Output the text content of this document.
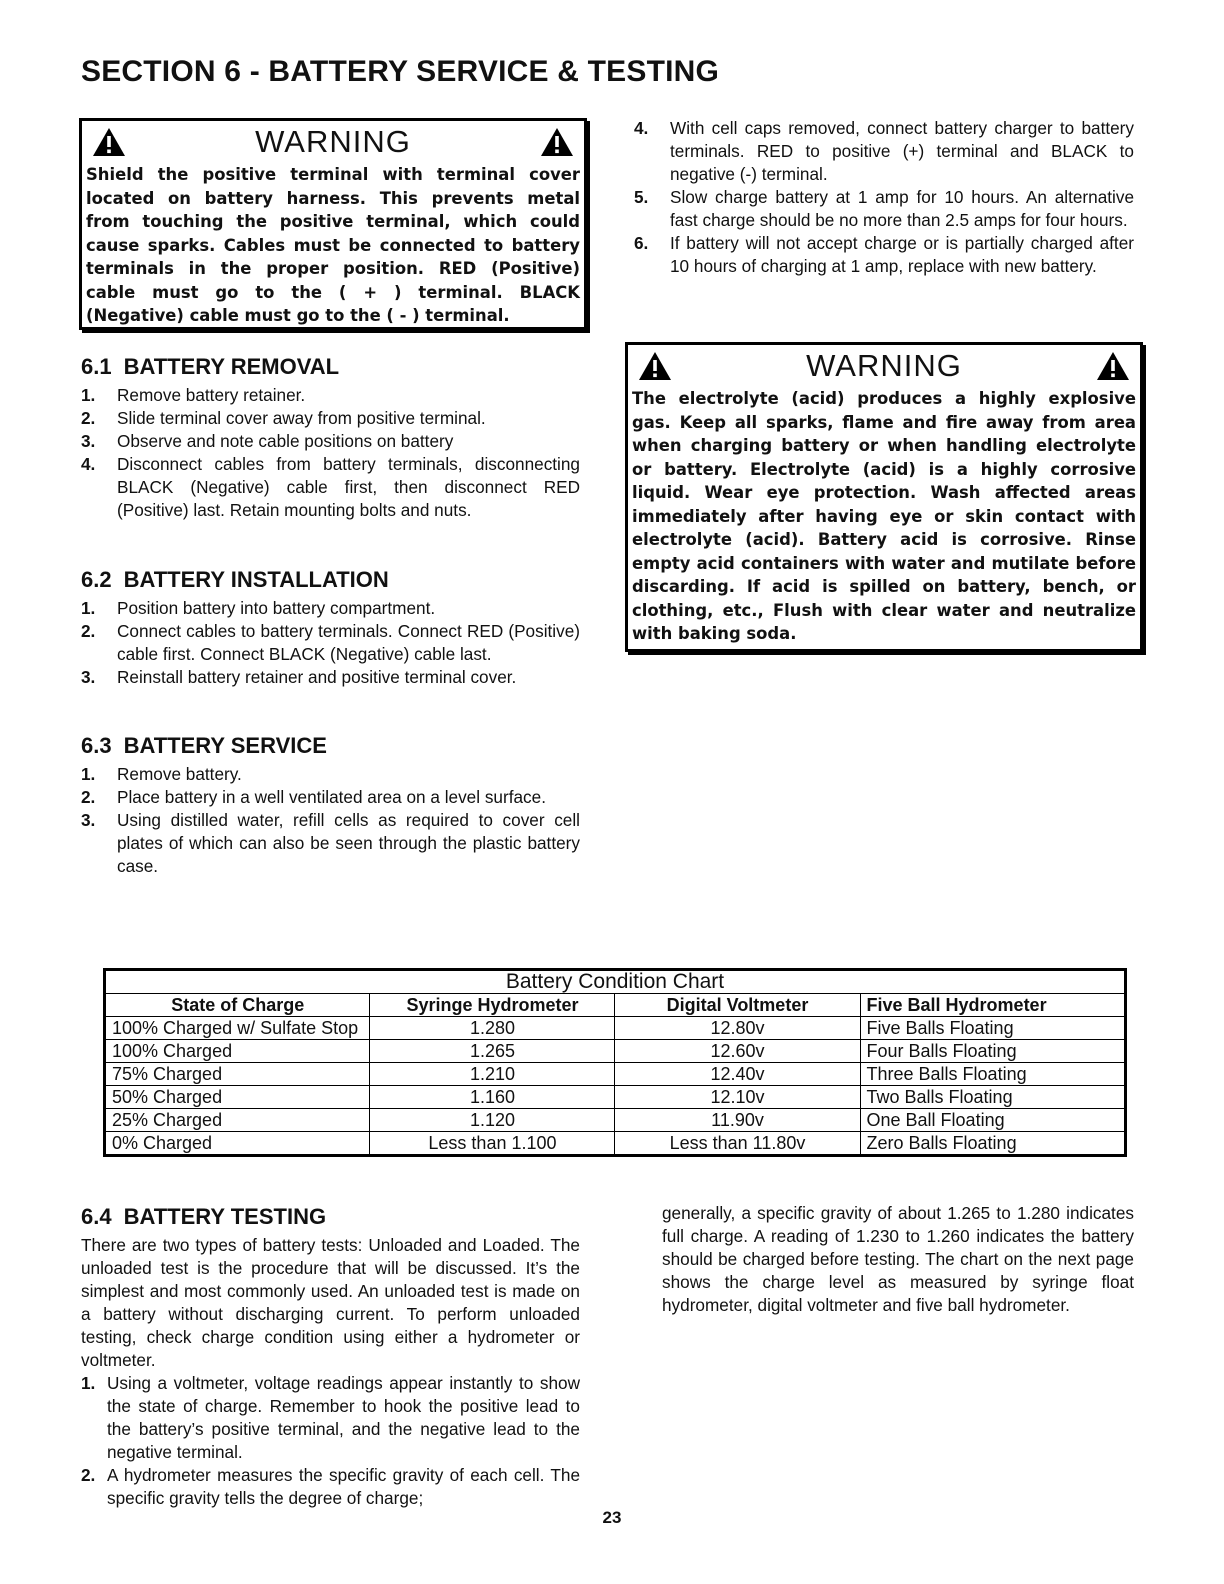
SECTION 6 - BATTERY SERVICE & TESTING
WARNING
Shield the positive terminal with terminal cover located on battery harness. This prevents metal from touching the positive terminal, which could cause sparks. Cables must be connected to battery terminals in the proper position. RED (Positive) cable must go to the ( + ) terminal. BLACK (Negative) cable must go to the ( - ) terminal.
6.1 BATTERY REMOVAL
1. Remove battery retainer.
2. Slide terminal cover away from positive terminal.
3. Observe and note cable positions on battery
4. Disconnect cables from battery terminals, disconnecting BLACK (Negative) cable first, then disconnect RED (Positive) last. Retain mounting bolts and nuts.
6.2 BATTERY INSTALLATION
1. Position battery into battery compartment.
2. Connect cables to battery terminals. Connect RED (Positive) cable first. Connect BLACK (Negative) cable last.
3. Reinstall battery retainer and positive terminal cover.
6.3 BATTERY SERVICE
1. Remove battery.
2. Place battery in a well ventilated area on a level surface.
3. Using distilled water, refill cells as required to cover cell plates of which can also be seen through the plastic battery case.
4. With cell caps removed, connect battery charger to battery terminals. RED to positive (+) terminal and BLACK to negative (-) terminal.
5. Slow charge battery at 1 amp for 10 hours. An alternative fast charge should be no more than 2.5 amps for four hours.
6. If battery will not accept charge or is partially charged after 10 hours of charging at 1 amp, replace with new battery.
WARNING
The electrolyte (acid) produces a highly explosive gas. Keep all sparks, flame and fire away from area when charging battery or when handling electrolyte or battery. Electrolyte (acid) is a highly corrosive liquid. Wear eye protection. Wash affected areas immediately after having eye or skin contact with electrolyte (acid). Battery acid is corrosive. Rinse empty acid containers with water and mutilate before discarding. If acid is spilled on battery, bench, or clothing, etc., Flush with clear water and neutralize with baking soda.
Battery Condition Chart			
State of Charge	Syringe Hydrometer	Digital Voltmeter	Five Ball Hydrometer
100% Charged w/ Sulfate Stop	1.280	12.80v	Five Balls Floating
100% Charged	1.265	12.60v	Four Balls Floating
75% Charged	1.210	12.40v	Three Balls Floating
50% Charged	1.160	12.10v	Two Balls Floating
25% Charged	1.120	11.90v	One Ball Floating
0% Charged	Less than 1.100	Less than 11.80v	Zero Balls Floating
6.4 BATTERY TESTING
There are two types of battery tests: Unloaded and Loaded. The unloaded test is the procedure that will be discussed. It’s the simplest and most commonly used. An unloaded test is made on a battery without discharging current. To perform unloaded testing, check charge condition using either a hydrometer or voltmeter.
1. Using a voltmeter, voltage readings appear instantly to show the state of charge. Remember to hook the positive lead to the battery’s positive terminal, and the negative lead to the negative terminal.
2. A hydrometer measures the specific gravity of each cell. The specific gravity tells the degree of charge;
generally, a specific gravity of about 1.265 to 1.280 indicates full charge. A reading of 1.230 to 1.260 indicates the battery should be charged before testing. The chart on the next page shows the charge level as measured by syringe float hydrometer, digital voltmeter and five ball hydrometer.
23
